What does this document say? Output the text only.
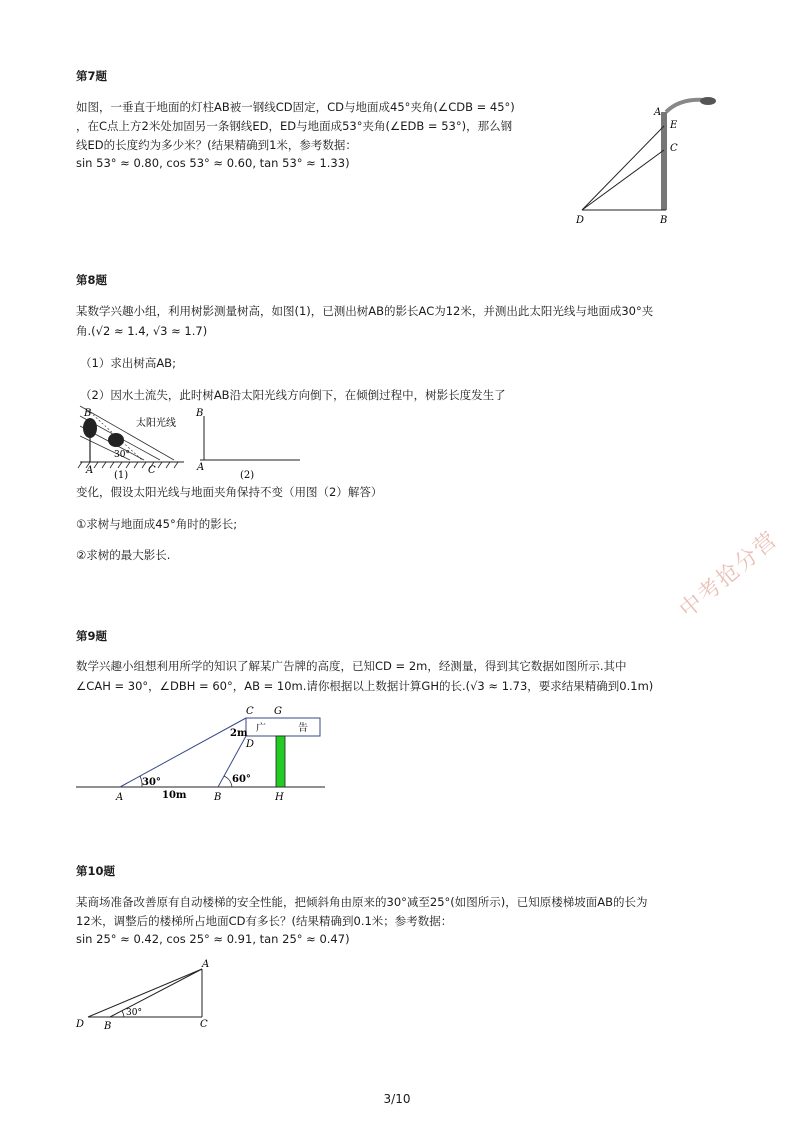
第7题
如图，一垂直于地面的灯柱AB被一钢线CD固定，CD与地面成45°夹角(∠CDB = 45°)
，在C点上方2米处加固另一条钢线ED，ED与地面成53°夹角(∠EDB = 53°)，那么钢
线ED的长度约为多少米？(结果精确到1米，参考数据：
sin 53° ≈ 0.80, cos 53° ≈ 0.60, tan 53° ≈ 1.33)
A
E
C
D	B
第8题
某数学兴趣小组，利用树影测量树高，如图(1)，已测出树AB的影长AC为12米，并测出此太阳光线与地面成30°夹
角.(√2 ≈ 1.4, √3 ≈ 1.7)
（1）求出树高AB;
（2）因水土流失，此时树AB沿太阳光线方向倒下，在倾倒过程中，树影长度发生了
太阳光线
B
A
30°
C
(1)
B
A
(2)
变化，假设太阳光线与地面夹角保持不变（用图（2）解答）
①求树与地面成45°角时的影长;
②求树的最大影长.	中考抢分营
第9题
数学兴趣小组想利用所学的知识了解某广告牌的高度，已知CD = 2m，经测量，得到其它数据如图所示.其中
∠CAH = 30°，∠DBH = 60°，AB = 10m.请你根据以上数据计算GH的长.(√3 ≈ 1.73，要求结果精确到0.1m)
C G
广	告
2m
D
30°	60°
A	10m	B	H
第10题
某商场准备改善原有自动楼梯的安全性能，把倾斜角由原来的30°减至25°(如图所示)，已知原楼梯坡面AB的长为
12米，调整后的楼梯所占地面CD有多长？(结果精确到0.1米；参考数据：
sin 25° ≈ 0.42, cos 25° ≈ 0.91, tan 25° ≈ 0.47)
A
D B
30°
C
3/10
